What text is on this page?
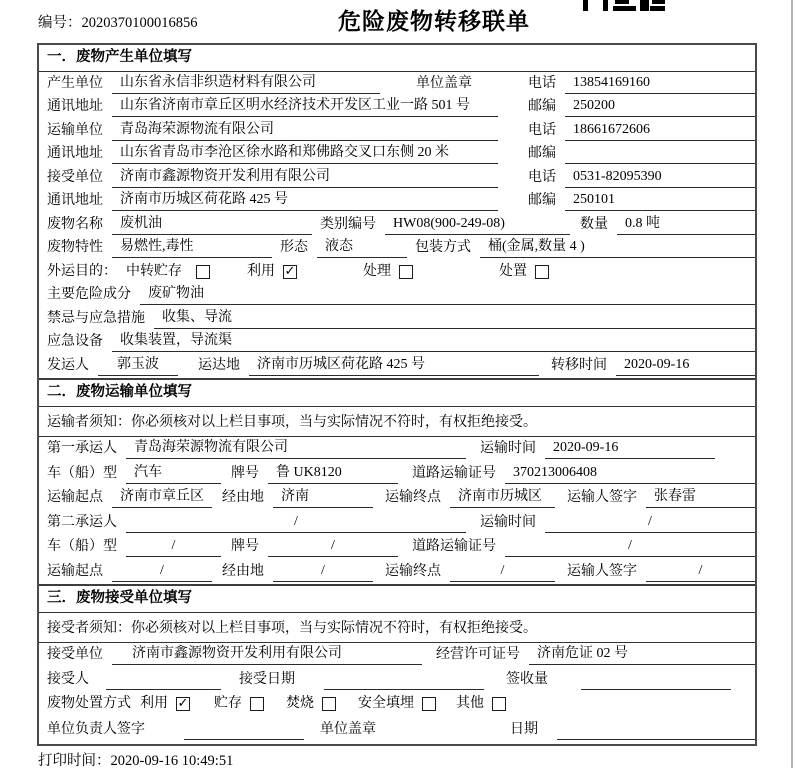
编号：2020370100016856	危险废物转移联单
一．废物产生单位填写
产生单位	山东省永信非织造材料有限公司	单位盖章	电话	13854169160
通讯地址	山东省济南市章丘区明水经济技术开发区工业一路 501 号	邮编	250200
运输单位	青岛海荣源物流有限公司	电话	18661672606
通讯地址	山东省青岛市李沧区徐水路和郑佛路交叉口东侧 20 米	邮编
接受单位	济南市鑫源物资开发利用有限公司	电话	0531-82095390
通讯地址	济南市历城区荷花路 425 号	邮编	250101
废物名称	废机油	类别编号	HW08(900-249-08)	数量	0.8 吨
废物特性	易燃性,毒性	形态	液态	包装方式	桶(金属,数量 4 )
外运目的： 中转贮存	利用 ✓	处理	处置
主要危险成分	废矿物油
禁忌与应急措施	收集、导流
应急设备	收集装置，导流渠
发运人	郭玉波	运达地	济南市历城区荷花路 425 号	转移时间	2020-09-16
二．废物运输单位填写
运输者须知： 你必须核对以上栏目事项，当与实际情况不符时，有权拒绝接受。
第一承运人	青岛海荣源物流有限公司	运输时间	2020-09-16
车（船）型	汽车	牌号	鲁 UK8120	道路运输证号	370213006408
运输起点	济南市章丘区	经由地	济南	运输终点	济南市历城区	运输人签字	张春雷
第二承运人	/	运输时间	/
车（船）型	/	牌号	/	道路运输证号	/
运输起点	/	经由地	/	运输终点	/	运输人签字	/
三．废物接受单位填写
接受者须知： 你必须核对以上栏目事项，当与实际情况不符时，有权拒绝接受。
接受单位	济南市鑫源物资开发利用有限公司	经营许可证号	济南危证 02 号
接受人	接受日期	签收量
废物处置方式 利用 ✓ 贮存	焚烧	安全填埋	其他
单位负责人签字	单位盖章	日期
打印时间：2020-09-16 10:49:51
